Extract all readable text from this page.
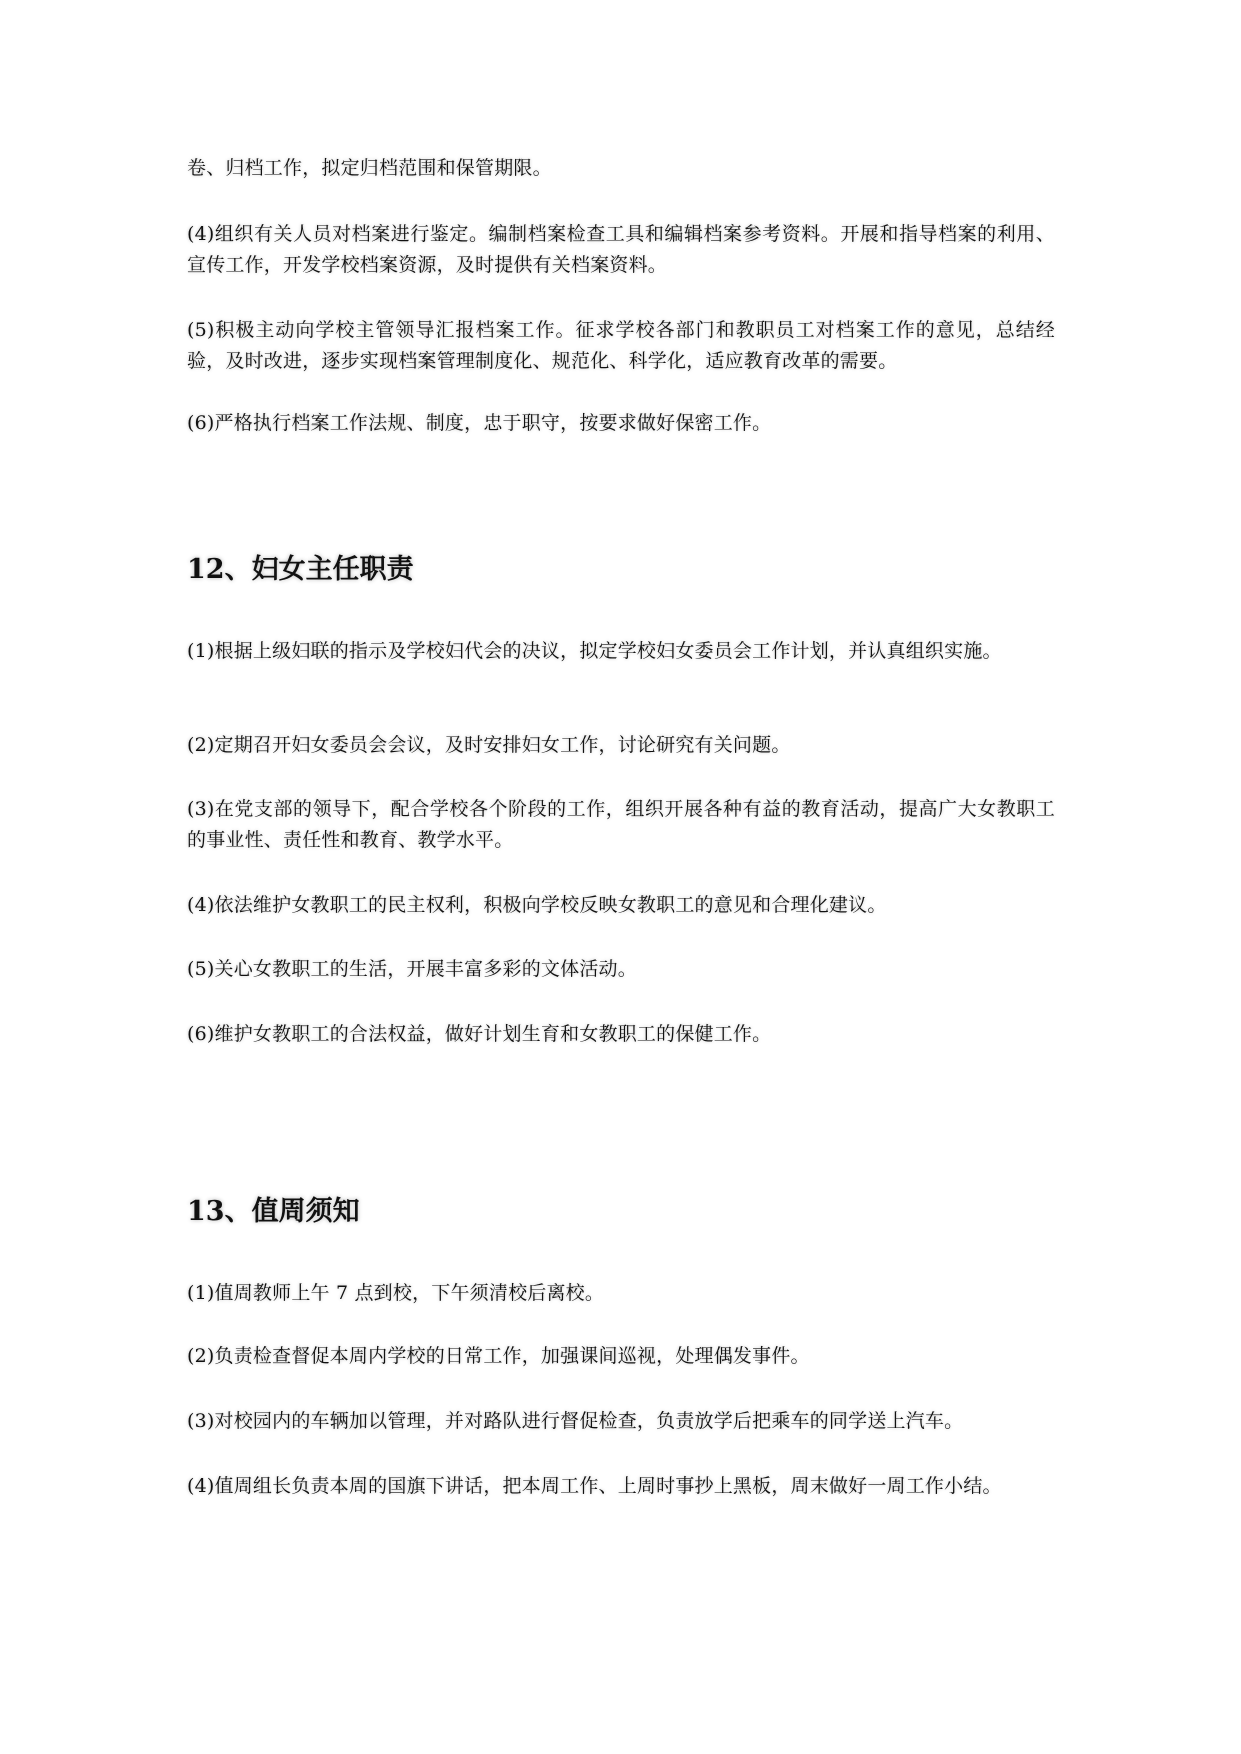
卷、归档工作，拟定归档范围和保管期限。

(4)组织有关人员对档案进行鉴定。编制档案检查工具和编辑档案参考资料。开展和指导档案的利用、宣传工作，开发学校档案资源，及时提供有关档案资料。

(5)积极主动向学校主管领导汇报档案工作。征求学校各部门和教职员工对档案工作的意见，总结经验，及时改进，逐步实现档案管理制度化、规范化、科学化，适应教育改革的需要。

(6)严格执行档案工作法规、制度，忠于职守，按要求做好保密工作。

12、妇女主任职责

(1)根据上级妇联的指示及学校妇代会的决议，拟定学校妇女委员会工作计划，并认真组织实施。

(2)定期召开妇女委员会会议，及时安排妇女工作，讨论研究有关问题。

(3)在党支部的领导下，配合学校各个阶段的工作，组织开展各种有益的教育活动，提高广大女教职工的事业性、责任性和教育、教学水平。

(4)依法维护女教职工的民主权利，积极向学校反映女教职工的意见和合理化建议。

(5)关心女教职工的生活，开展丰富多彩的文体活动。

(6)维护女教职工的合法权益，做好计划生育和女教职工的保健工作。

13、值周须知

(1)值周教师上午 7 点到校，下午须清校后离校。

(2)负责检查督促本周内学校的日常工作，加强课间巡视，处理偶发事件。

(3)对校园内的车辆加以管理，并对路队进行督促检查，负责放学后把乘车的同学送上汽车。

(4)值周组长负责本周的国旗下讲话，把本周工作、上周时事抄上黑板，周末做好一周工作小结。
